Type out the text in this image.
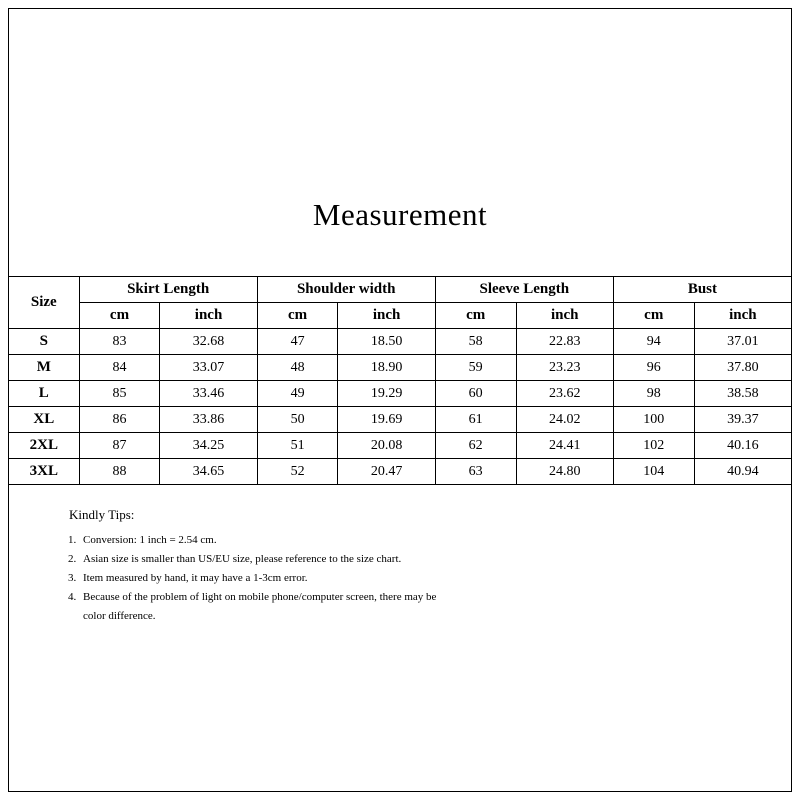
Measurement
Size	Skirt Length		Shoulder width		Sleeve Length		Bust	
	cm	inch	cm	inch	cm	inch	cm	inch
S	83	32.68	47	18.50	58	22.83	94	37.01
M	84	33.07	48	18.90	59	23.23	96	37.80
L	85	33.46	49	19.29	60	23.62	98	38.58
XL	86	33.86	50	19.69	61	24.02	100	39.37
2XL	87	34.25	51	20.08	62	24.41	102	40.16
3XL	88	34.65	52	20.47	63	24.80	104	40.94
Kindly Tips:
1. Conversion: 1 inch = 2.54 cm.
2. Asian size is smaller than US/EU size, please reference to the size chart.
3. Item measured by hand, it may have a 1-3cm error.
4. Because of the problem of light on mobile phone/computer screen, there may be color difference.
